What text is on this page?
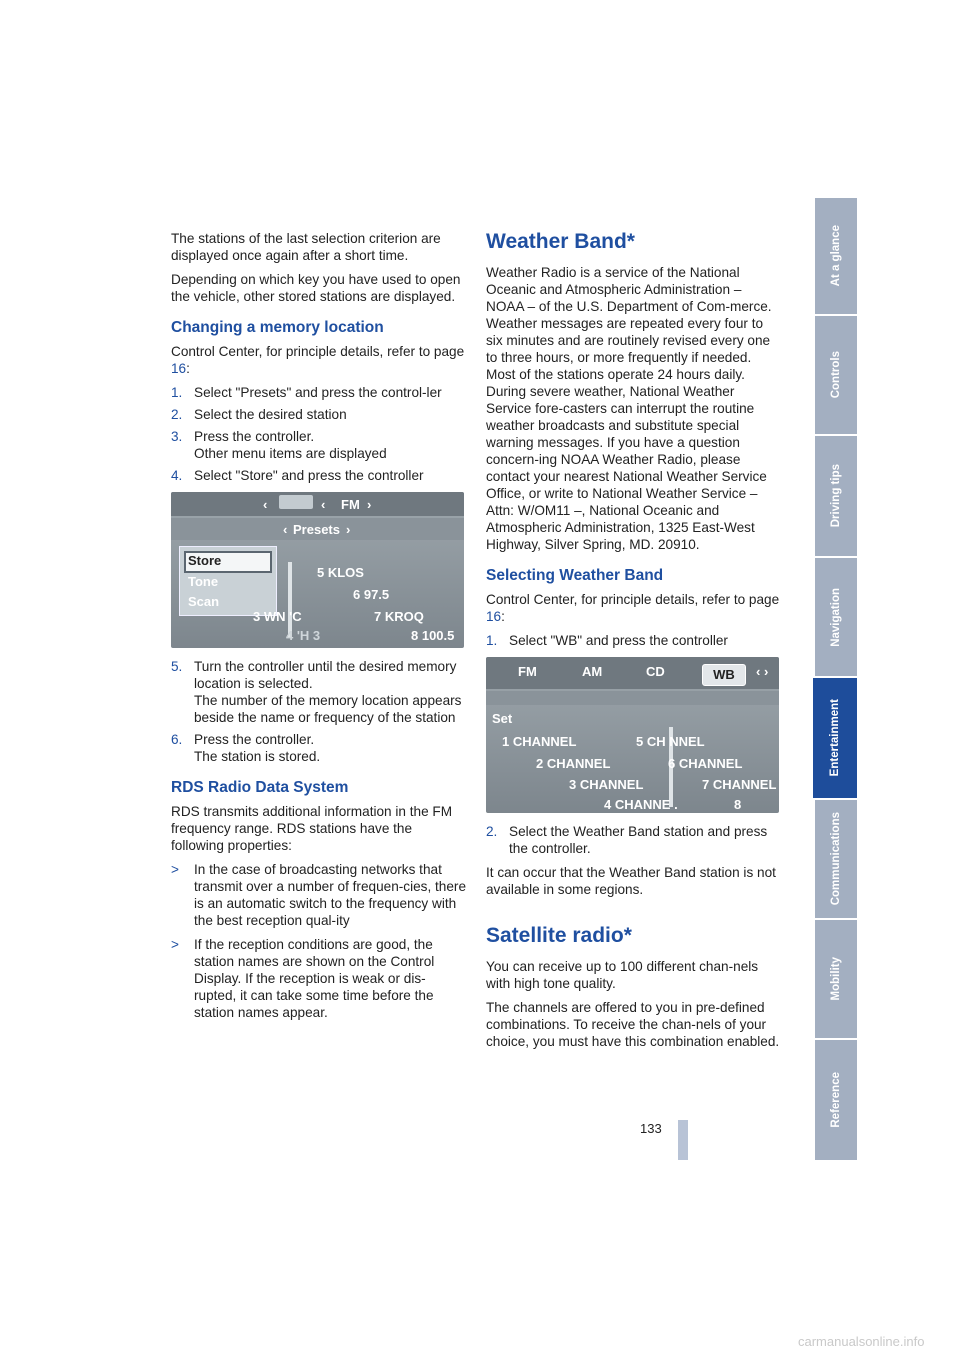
The stations of the last selection criterion are displayed once again after a short time.

Depending on which key you have used to open the vehicle, other stored stations are displayed.

Changing a memory location

Control Center, for principle details, refer to page 16:

1. Select "Presets" and press the control-ler
2. Select the desired station
3. Press the controller.
Other menu items are displayed
4. Select "Store" and press the controller
‹	‹ FM ›
‹ Presets ›
Store
Tone
Scan
5 KLOS
6 97.5
3 WN 'C	7 KROQ
4 'H 3	8 100.5
5. Turn the controller until the desired memory location is selected.
The number of the memory location appears beside the name or frequency of the station
6. Press the controller.
The station is stored.
RDS Radio Data System

RDS transmits additional information in the FM frequency range. RDS stations have the following properties:

>	In the case of broadcasting networks that transmit over a number of frequen-cies, there is an automatic switch to the frequency with the best reception qual-ity
>	If the reception conditions are good, the station names are shown on the Control Display. If the reception is weak or dis-rupted, it can take some time before the station names appear.
Weather Band*

Weather Radio is a service of the National Oceanic and Atmospheric Administration – NOAA – of the U.S. Department of Com-merce. Weather messages are repeated every four to six minutes and are routinely revised every one to three hours, or more frequently if needed. Most of the stations operate 24 hours daily. During severe weather, National Weather Service fore-casters can interrupt the routine weather broadcasts and substitute special warning messages. If you have a question concern-ing NOAA Weather Radio, please contact your nearest National Weather Service Office, or write to National Weather Service – Attn: W/OM11 –, National Oceanic and Atmospheric Administration, 1325 East-West Highway, Silver Spring, MD. 20910.

Selecting Weather Band

Control Center, for principle details, refer to page 16:

1. Select "WB" and press the controller
FM	AM	CD	WB	‹ ›
Set
1 CHANNEL	5 CH NNEL
2 CHANNEL	6 CHANNEL
3 CHANNEL	7 CHANNEL
4 CHANNE .	8
2. Select the Weather Band station and press the controller.

It can occur that the Weather Band station is not available in some regions.

Satellite radio*

You can receive up to 100 different chan-nels with high tone quality.

The channels are offered to you in pre-defined combinations. To receive the chan-nels of your choice, you must have this combination enabled.

At a glance
Controls
Driving tips
Navigation
Entertainment
Communications
Mobility
Reference
133
carmanualsonline.info
